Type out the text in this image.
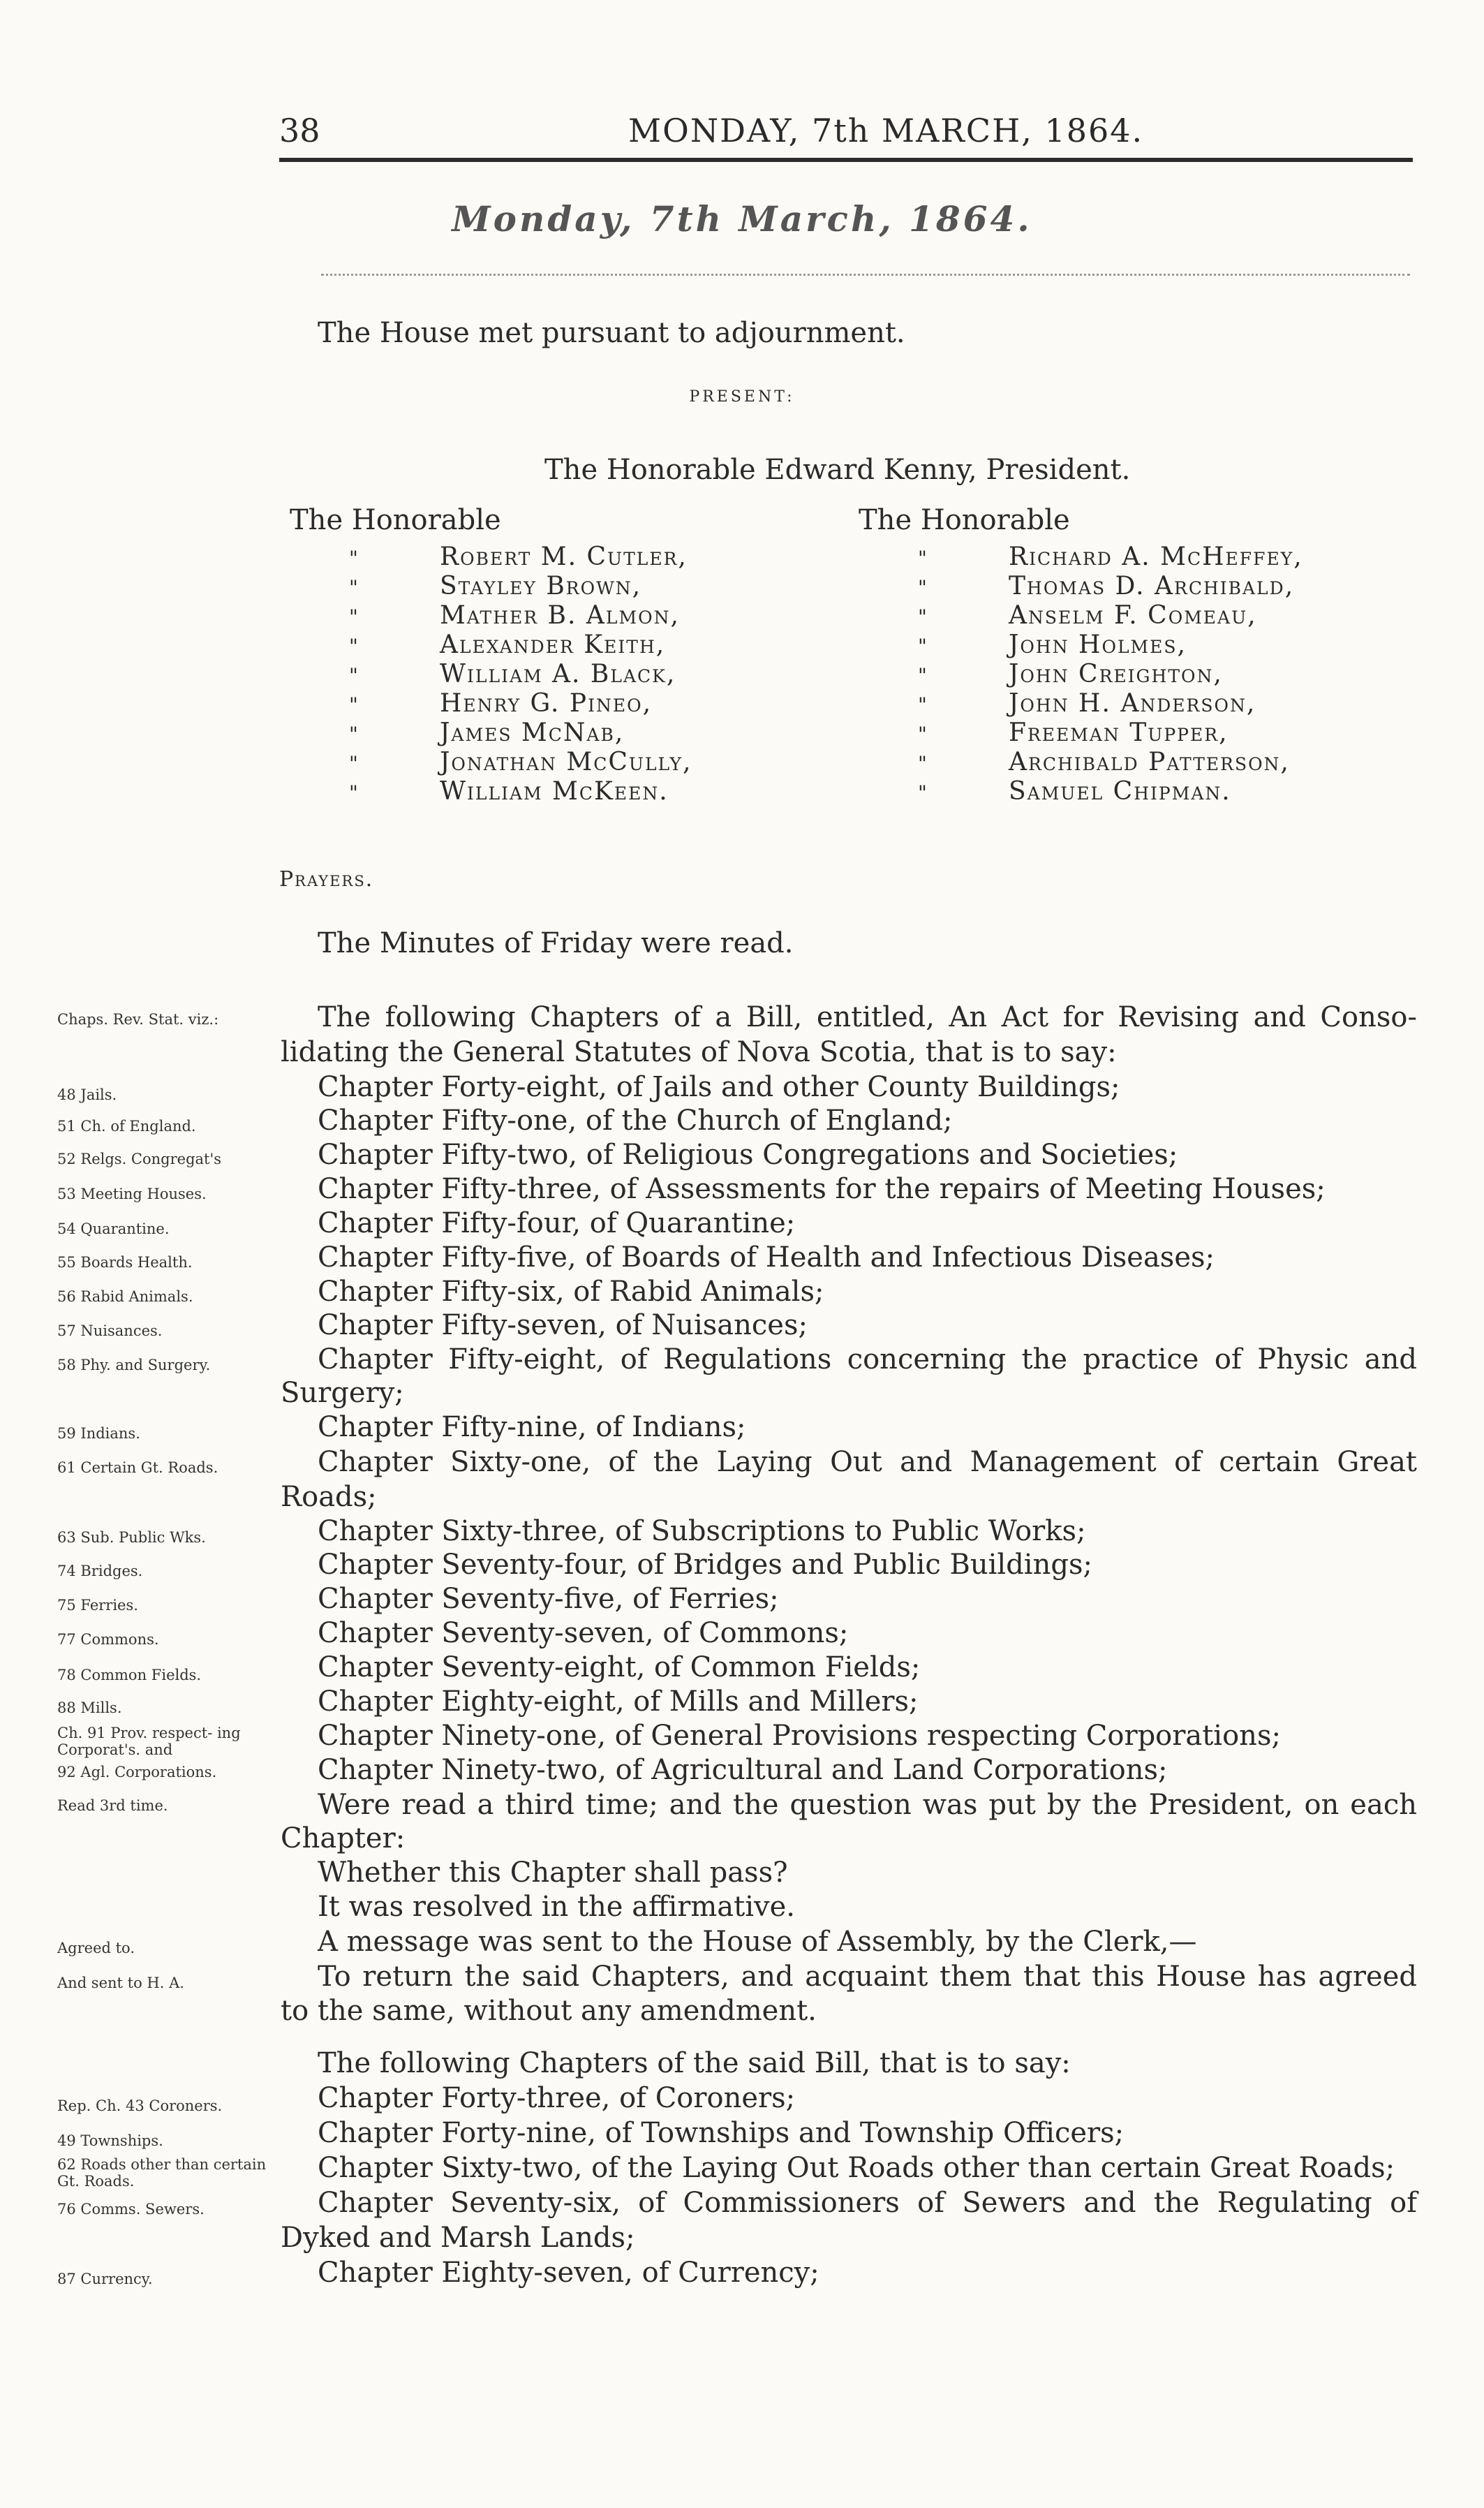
38	MONDAY, 7th MARCH, 1864.
Monday, 7th March, 1864.
The House met pursuant to adjournment.
PRESENT:
The Honorable Edward Kenny, President.
The Honorable
"	Robert M. Cutler,
"	Stayley Brown,
"	Mather B. Almon,
"	Alexander Keith,
"	William A. Black,
"	Henry G. Pineo,
"	James McNab,
"	Jonathan McCully,
"	William McKeen.
The Honorable
"	Richard A. McHeffey,
"	Thomas D. Archibald,
"	Anselm F. Comeau,
"	John Holmes,
"	John Creighton,
"	John H. Anderson,
"	Freeman Tupper,
"	Archibald Patterson,
"	Samuel Chipman.
Prayers.
The Minutes of Friday were read.
The following Chapters of a Bill, entitled, An Act for Revising and Conso-
lidating the General Statutes of Nova Scotia, that is to say:
Chapter Forty-eight, of Jails and other County Buildings;
Chapter Fifty-one, of the Church of England;
Chapter Fifty-two, of Religious Congregations and Societies;
Chapter Fifty-three, of Assessments for the repairs of Meeting Houses;
Chapter Fifty-four, of Quarantine;
Chapter Fifty-five, of Boards of Health and Infectious Diseases;
Chapter Fifty-six, of Rabid Animals;
Chapter Fifty-seven, of Nuisances;
Chapter Fifty-eight, of Regulations concerning the practice of Physic and
Surgery;
Chapter Fifty-nine, of Indians;
Chapter Sixty-one, of the Laying Out and Management of certain Great
Roads;
Chapter Sixty-three, of Subscriptions to Public Works;
Chapter Seventy-four, of Bridges and Public Buildings;
Chapter Seventy-five, of Ferries;
Chapter Seventy-seven, of Commons;
Chapter Seventy-eight, of Common Fields;
Chapter Eighty-eight, of Mills and Millers;
Chapter Ninety-one, of General Provisions respecting Corporations;
Chapter Ninety-two, of Agricultural and Land Corporations;
Were read a third time; and the question was put by the President, on each
Chapter:
Whether this Chapter shall pass?
It was resolved in the affirmative.
A message was sent to the House of Assembly, by the Clerk,—
To return the said Chapters, and acquaint them that this House has agreed
to the same, without any amendment.
The following Chapters of the said Bill, that is to say:
Chapter Forty-three, of Coroners;
Chapter Forty-nine, of Townships and Township Officers;
Chapter Sixty-two, of the Laying Out Roads other than certain Great Roads;
Chapter Seventy-six, of Commissioners of Sewers and the Regulating of
Dyked and Marsh Lands;
Chapter Eighty-seven, of Currency;
Chaps. Rev. Stat. viz.:
48 Jails.
51 Ch. of England.
52 Relgs. Congregat's
53 Meeting Houses.
54 Quarantine.
55 Boards Health.
56 Rabid Animals.
57 Nuisances.
58 Phy. and Surgery.
59 Indians.
61 Certain Gt. Roads.
63 Sub. Public Wks.
74 Bridges.
75 Ferries.
77 Commons.
78 Common Fields.
88 Mills.
Ch. 91 Prov. respect- ing Corporat's. and
92 Agl. Corporations.
Read 3rd time.
Agreed to.
And sent to H. A.
Rep. Ch. 43 Coroners.
49 Townships.
62 Roads other than certain Gt. Roads.
76 Comms. Sewers.
87 Currency.
